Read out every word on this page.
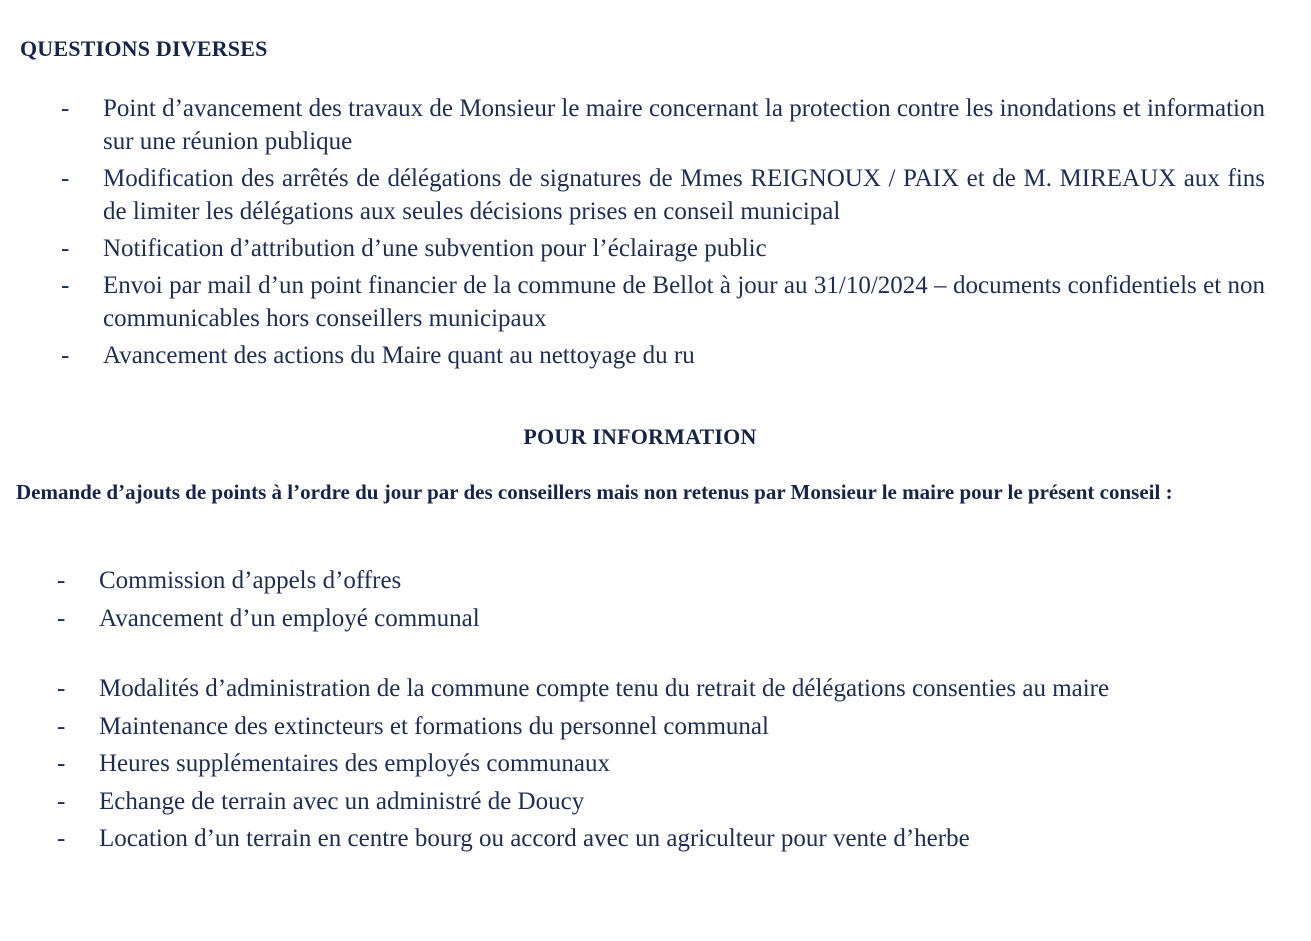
QUESTIONS DIVERSES
- Point d’avancement des travaux de Monsieur le maire concernant la protection contre les inondations et information sur une réunion publique
- Modification des arrêtés de délégations de signatures de Mmes REIGNOUX / PAIX et de M. MIREAUX aux fins de limiter les délégations aux seules décisions prises en conseil municipal
- Notification d’attribution d’une subvention pour l’éclairage public
- Envoi par mail d’un point financier de la commune de Bellot à jour au 31/10/2024 – documents confidentiels et non communicables hors conseillers municipaux
- Avancement des actions du Maire quant au nettoyage du ru
POUR INFORMATION
Demande d’ajouts de points à l’ordre du jour par des conseillers mais non retenus par Monsieur le maire pour le présent conseil :
- Commission d’appels d’offres
- Avancement d’un employé communal
- Modalités d’administration de la commune compte tenu du retrait de délégations consenties au maire
- Maintenance des extincteurs et formations du personnel communal
- Heures supplémentaires des employés communaux
- Echange de terrain avec un administré de Doucy
- Location d’un terrain en centre bourg ou accord avec un agriculteur pour vente d’herbe
